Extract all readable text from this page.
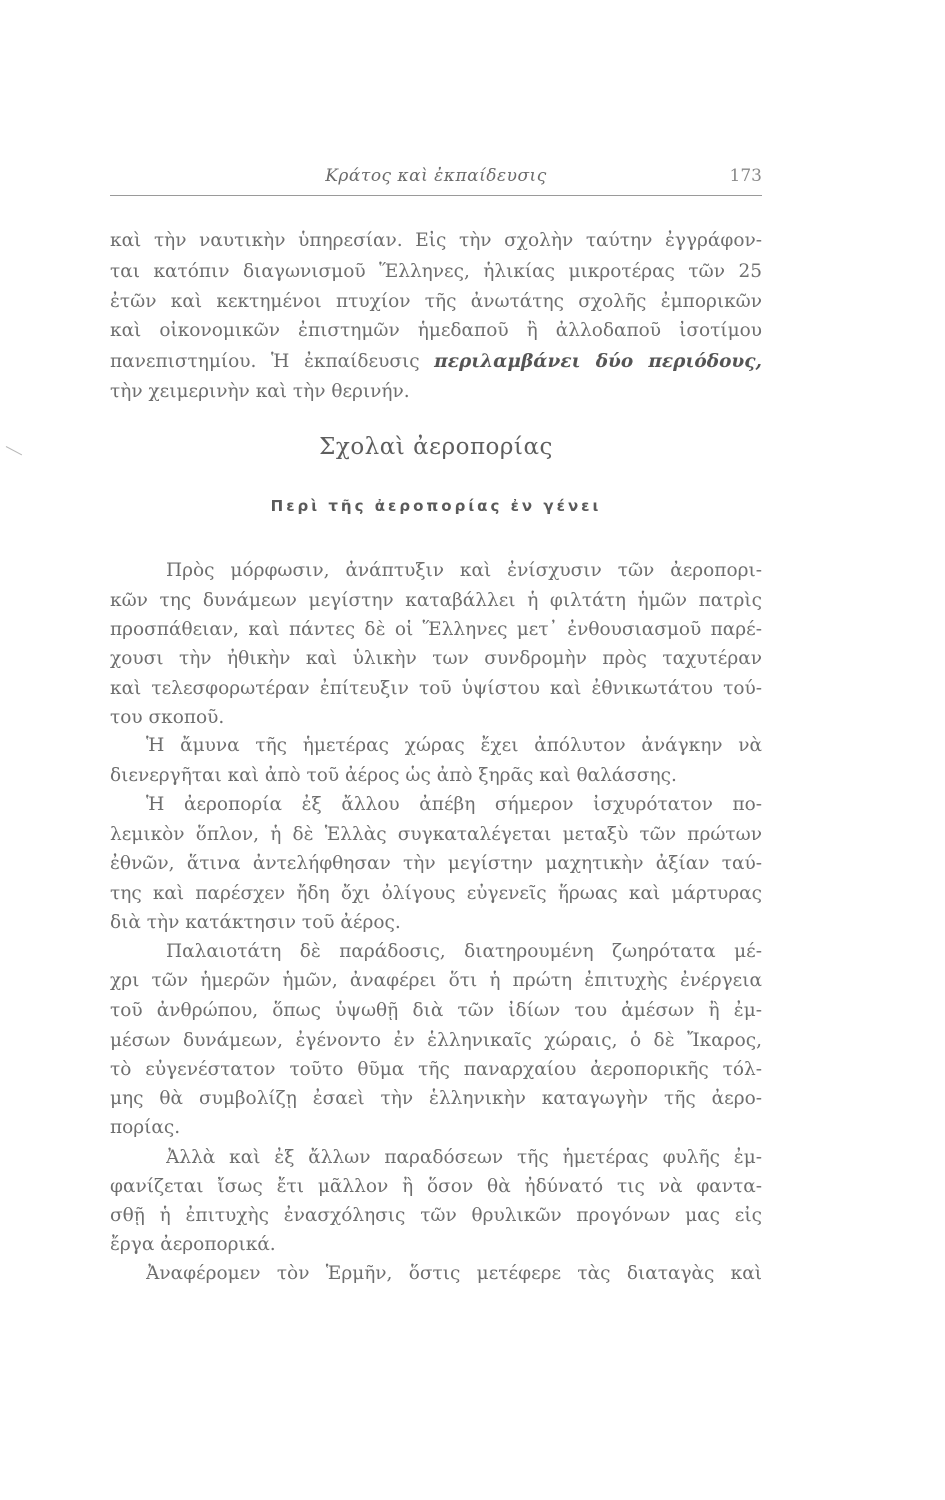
Κράτος καὶ ἐκπαίδευσις	173
καὶ τὴν ναυτικὴν ὑπηρεσίαν. Εἰς τὴν σχολὴν ταύτην ἐγγράφον-
ται κατόπιν διαγωνισμοῦ Ἕλληνες, ἡλικίας μικροτέρας τῶν 25
ἐτῶν καὶ κεκτημένοι πτυχίον τῆς ἀνωτάτης σχολῆς ἐμπορικῶν
καὶ οἰκονομικῶν ἐπιστημῶν ἡμεδαποῦ ἢ ἀλλοδαποῦ ἰσοτίμου
πανεπιστημίου. Ἡ ἐκπαίδευσις περιλαμβάνει δύο περιόδους,
τὴν χειμερινὴν καὶ τὴν θερινήν.
Σχολαὶ ἀεροπορίας
Περὶ τῆς ἀεροπορίας ἐν γένει
Πρὸς μόρφωσιν, ἀνάπτυξιν καὶ ἐνίσχυσιν τῶν ἀεροπορι-
κῶν της δυνάμεων μεγίστην καταβάλλει ἡ φιλτάτη ἡμῶν πατρὶς
προσπάθειαν, καὶ πάντες δὲ οἱ Ἕλληνες μετ᾽ ἐνθουσιασμοῦ παρέ-
χουσι τὴν ἠθικὴν καὶ ὑλικὴν των συνδρομὴν πρὸς ταχυτέραν
καὶ τελεσφορωτέραν ἐπίτευξιν τοῦ ὑψίστου καὶ ἐθνικωτάτου τού-
του σκοποῦ.
Ἡ ἄμυνα τῆς ἡμετέρας χώρας ἔχει ἀπόλυτον ἀνάγκην νὰ
διενεργῆται καὶ ἀπὸ τοῦ ἀέρος ὡς ἀπὸ ξηρᾶς καὶ θαλάσσης.
Ἡ ἀεροπορία ἐξ ἄλλου ἀπέβη σήμερον ἰσχυρότατον πο-
λεμικὸν ὅπλον, ἡ δὲ Ἑλλὰς συγκαταλέγεται μεταξὺ τῶν πρώτων
ἐθνῶν, ἅτινα ἀντελήφθησαν τὴν μεγίστην μαχητικὴν ἀξίαν ταύ-
της καὶ παρέσχεν ἤδη ὄχι ὀλίγους εὐγενεῖς ἥρωας καὶ μάρτυρας
διὰ τὴν κατάκτησιν τοῦ ἀέρος.
Παλαιοτάτη δὲ παράδοσις, διατηρουμένη ζωηρότατα μέ-
χρι τῶν ἡμερῶν ἡμῶν, ἀναφέρει ὅτι ἡ πρώτη ἐπιτυχὴς ἐνέργεια
τοῦ ἀνθρώπου, ὅπως ὑψωθῇ διὰ τῶν ἰδίων του ἀμέσων ἢ ἐμ-
μέσων δυνάμεων, ἐγένοντο ἐν ἑλληνικαῖς χώραις, ὁ δὲ Ἴκαρος,
τὸ εὐγενέστατον τοῦτο θῦμα τῆς παναρχαίου ἀεροπορικῆς τόλ-
μης θὰ συμβολίζῃ ἐσαεὶ τὴν ἑλληνικὴν καταγωγὴν τῆς ἀερο-
πορίας.
Ἀλλὰ καὶ ἐξ ἄλλων παραδόσεων τῆς ἡμετέρας φυλῆς ἐμ-
φανίζεται ἴσως ἔτι μᾶλλον ἢ ὅσον θὰ ἠδύνατό τις νὰ φαντα-
σθῇ ἡ ἐπιτυχὴς ἐνασχόλησις τῶν θρυλικῶν προγόνων μας εἰς
ἔργα ἀεροπορικά.
Ἀναφέρομεν τὸν Ἑρμῆν, ὅστις μετέφερε τὰς διαταγὰς καὶ
